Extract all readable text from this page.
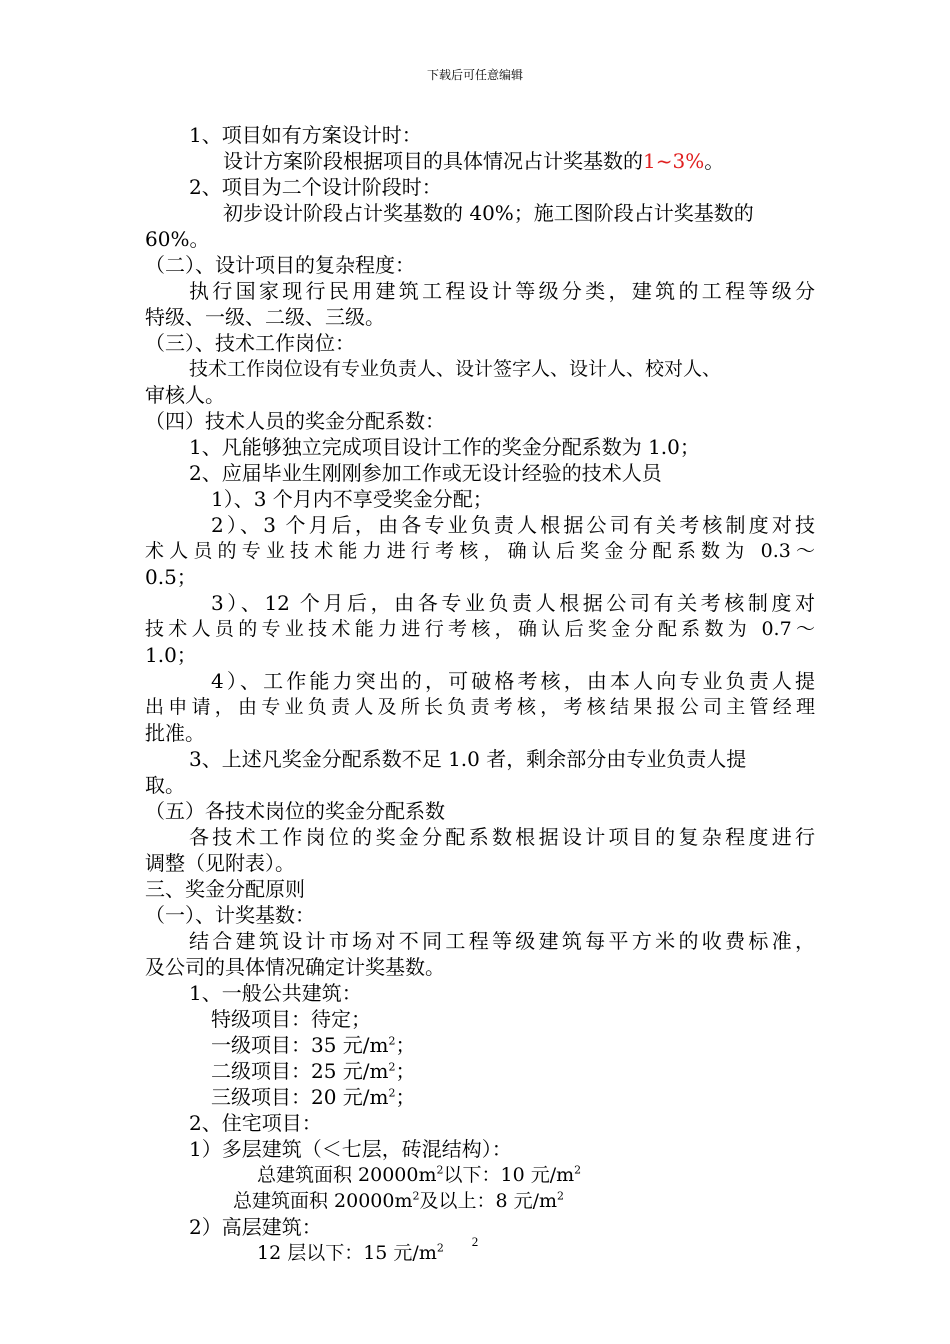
下载后可任意编辑
1、项目如有方案设计时：
设计方案阶段根据项目的具体情况占计奖基数的1~3%。
2、项目为二个设计阶段时：
初步设计阶段占计奖基数的 40%；施工图阶段占计奖基数的
60%。
（二）、设计项目的复杂程度：
执行国家现行民用建筑工程设计等级分类，建筑的工程等级分
特级、一级、二级、三级。
（三）、技术工作岗位：
技术工作岗位设有专业负责人、设计签字人、设计人、校对人、
审核人。
（四）技术人员的奖金分配系数：
1、凡能够独立完成项目设计工作的奖金分配系数为 1.0；
2、应届毕业生刚刚参加工作或无设计经验的技术人员
1）、3 个月内不享受奖金分配；
2）、3 个月后，由各专业负责人根据公司有关考核制度对技
术人员的专业技术能力进行考核，确认后奖金分配系数为 0.3～
0.5；
3）、12 个月后，由各专业负责人根据公司有关考核制度对
技术人员的专业技术能力进行考核，确认后奖金分配系数为 0.7～
1.0；
4）、工作能力突出的，可破格考核，由本人向专业负责人提
出申请，由专业负责人及所长负责考核，考核结果报公司主管经理
批准。
3、上述凡奖金分配系数不足 1.0 者，剩余部分由专业负责人提
取。
（五）各技术岗位的奖金分配系数
各技术工作岗位的奖金分配系数根据设计项目的复杂程度进行
调整（见附表）。
三、奖金分配原则
（一）、计奖基数：
结合建筑设计市场对不同工程等级建筑每平方米的收费标准，
及公司的具体情况确定计奖基数。
1、一般公共建筑：
特级项目：待定；
一级项目：35 元$/m^2$；
二级项目：25 元$/m^2$；
三级项目：20 元$/m^2$；
2、住宅项目：
1）多层建筑（＜七层，砖混结构）：
总建筑面积 $20000m^2$以下：10 元$/m^2$
总建筑面积 $20000m^2$及以上：8 元$/m^2$
2）高层建筑：
12 层以下：15 元$/m^2$	2
